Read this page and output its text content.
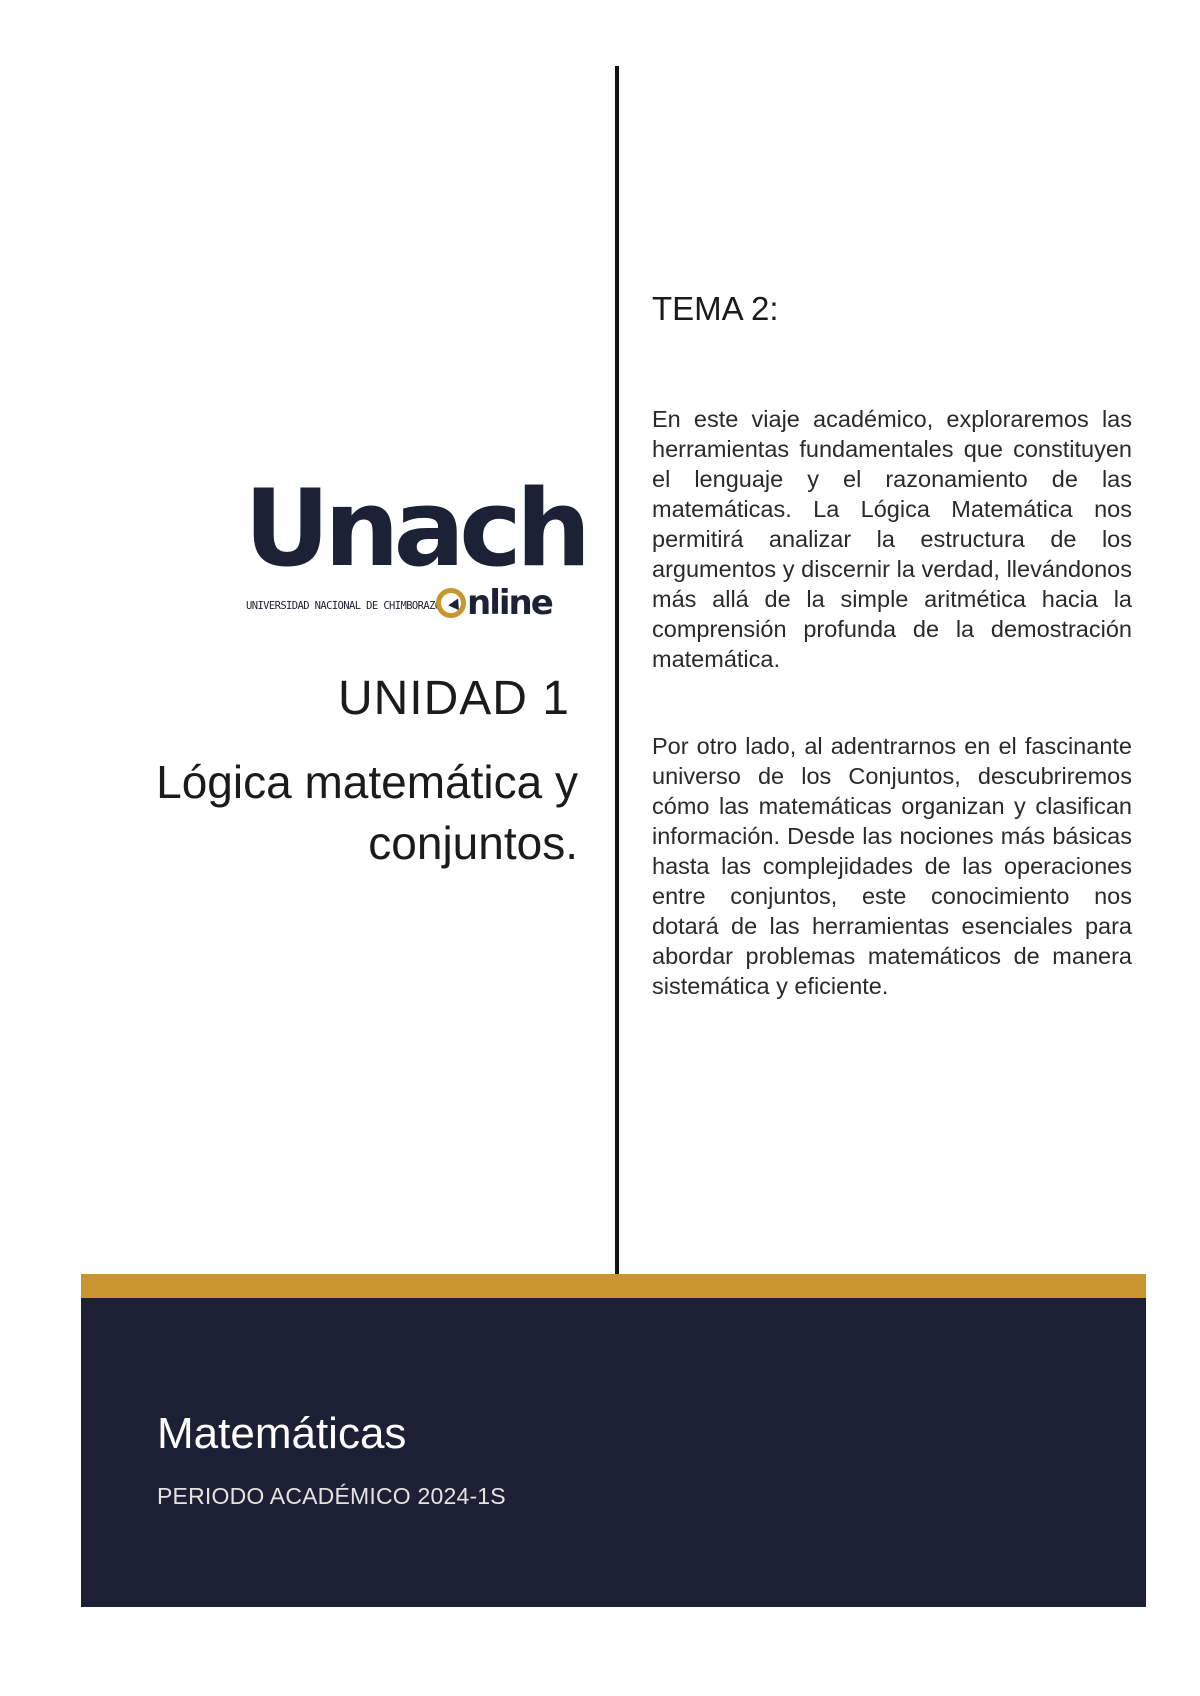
Unach
UNIVERSIDAD NACIONAL DE CHIMBORAZO nline
UNIDAD 1
Lógica matemática y conjuntos.
TEMA 2:

En este viaje académico, exploraremos las herramientas fundamentales que constituyen el lenguaje y el razonamiento de las matemáticas. La Lógica Matemática nos permitirá analizar la estructura de los argumentos y discernir la verdad, llevándonos más allá de la simple aritmética hacia la comprensión profunda de la demostración matemática.

Por otro lado, al adentrarnos en el fascinante universo de los Conjuntos, descubriremos cómo las matemáticas organizan y clasifican información. Desde las nociones más básicas hasta las complejidades de las operaciones entre conjuntos, este conocimiento nos dotará de las herramientas esenciales para abordar problemas matemáticos de manera sistemática y eficiente.

Matemáticas
PERIODO ACADÉMICO 2024-1S
